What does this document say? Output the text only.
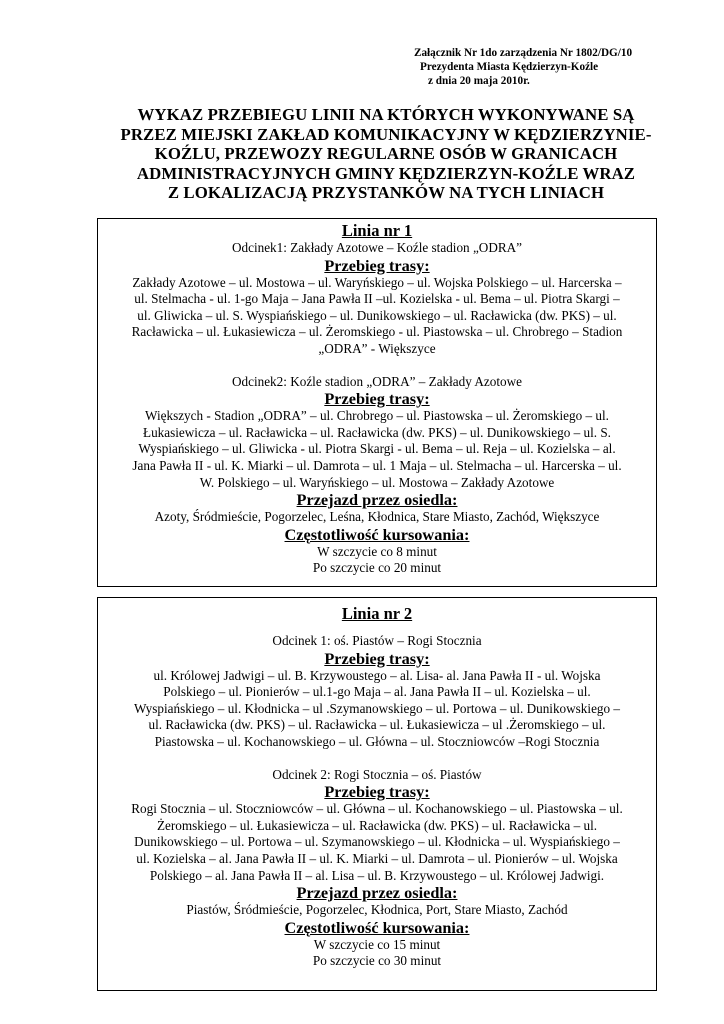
Załącznik Nr 1do zarządzenia Nr 1802/DG/10
Prezydenta Miasta Kędzierzyn-Koźle
z dnia 20 maja 2010r.
WYKAZ PRZEBIEGU LINII NA KTÓRYCH WYKONYWANE SĄ
PRZEZ MIEJSKI ZAKŁAD KOMUNIKACYJNY W KĘDZIERZYNIE-
KOŹLU, PRZEWOZY REGULARNE OSÓB W GRANICACH
ADMINISTRACYJNYCH GMINY KĘDZIERZYN-KOŹLE WRAZ
Z LOKALIZACJĄ PRZYSTANKÓW NA TYCH LINIACH
Linia nr 1
Odcinek1: Zakłady Azotowe – Koźle stadion „ODRA”
Przebieg trasy:
Zakłady Azotowe – ul. Mostowa – ul. Waryńskiego – ul. Wojska Polskiego – ul. Harcerska –
ul. Stelmacha - ul. 1-go Maja – Jana Pawła II –ul. Kozielska - ul. Bema – ul. Piotra Skargi –
ul. Gliwicka – ul. S. Wyspiańskiego – ul. Dunikowskiego – ul. Racławicka (dw. PKS) – ul.
Racławicka – ul. Łukasiewicza – ul. Żeromskiego - ul. Piastowska – ul. Chrobrego – Stadion
„ODRA” - Większyce
Odcinek2: Koźle stadion „ODRA” – Zakłady Azotowe
Przebieg trasy:
Większych - Stadion „ODRA” – ul. Chrobrego – ul. Piastowska – ul. Żeromskiego – ul.
Łukasiewicza – ul. Racławicka – ul. Racławicka (dw. PKS) – ul. Dunikowskiego – ul. S.
Wyspiańskiego – ul. Gliwicka - ul. Piotra Skargi - ul. Bema – ul. Reja – ul. Kozielska – al.
Jana Pawła II - ul. K. Miarki – ul. Damrota – ul. 1 Maja – ul. Stelmacha – ul. Harcerska – ul.
W. Polskiego – ul. Waryńskiego – ul. Mostowa – Zakłady Azotowe
Przejazd przez osiedla:
Azoty, Śródmieście, Pogorzelec, Leśna, Kłodnica, Stare Miasto, Zachód, Większyce
Częstotliwość kursowania:
W szczycie co 8 minut
Po szczycie co 20 minut
Linia nr 2
Odcinek 1: oś. Piastów – Rogi Stocznia
Przebieg trasy:
ul. Królowej Jadwigi – ul. B. Krzywoustego – al. Lisa- al. Jana Pawła II - ul. Wojska
Polskiego – ul. Pionierów – ul.1-go Maja – al. Jana Pawła II – ul. Kozielska – ul.
Wyspiańskiego – ul. Kłodnicka – ul .Szymanowskiego – ul. Portowa – ul. Dunikowskiego –
ul. Racławicka (dw. PKS) – ul. Racławicka – ul. Łukasiewicza – ul .Żeromskiego – ul.
Piastowska – ul. Kochanowskiego – ul. Główna – ul. Stoczniowców –Rogi Stocznia
Odcinek 2: Rogi Stocznia – oś. Piastów
Przebieg trasy:
Rogi Stocznia – ul. Stoczniowców – ul. Główna – ul. Kochanowskiego – ul. Piastowska – ul.
Żeromskiego – ul. Łukasiewicza – ul. Racławicka (dw. PKS) – ul. Racławicka – ul.
Dunikowskiego – ul. Portowa – ul. Szymanowskiego – ul. Kłodnicka – ul. Wyspiańskiego –
ul. Kozielska – al. Jana Pawła II – ul. K. Miarki – ul. Damrota – ul. Pionierów – ul. Wojska
Polskiego – al. Jana Pawła II – al. Lisa – ul. B. Krzywoustego – ul. Królowej Jadwigi.
Przejazd przez osiedla:
Piastów, Śródmieście, Pogorzelec, Kłodnica, Port, Stare Miasto, Zachód
Częstotliwość kursowania:
W szczycie co 15 minut
Po szczycie co 30 minut
